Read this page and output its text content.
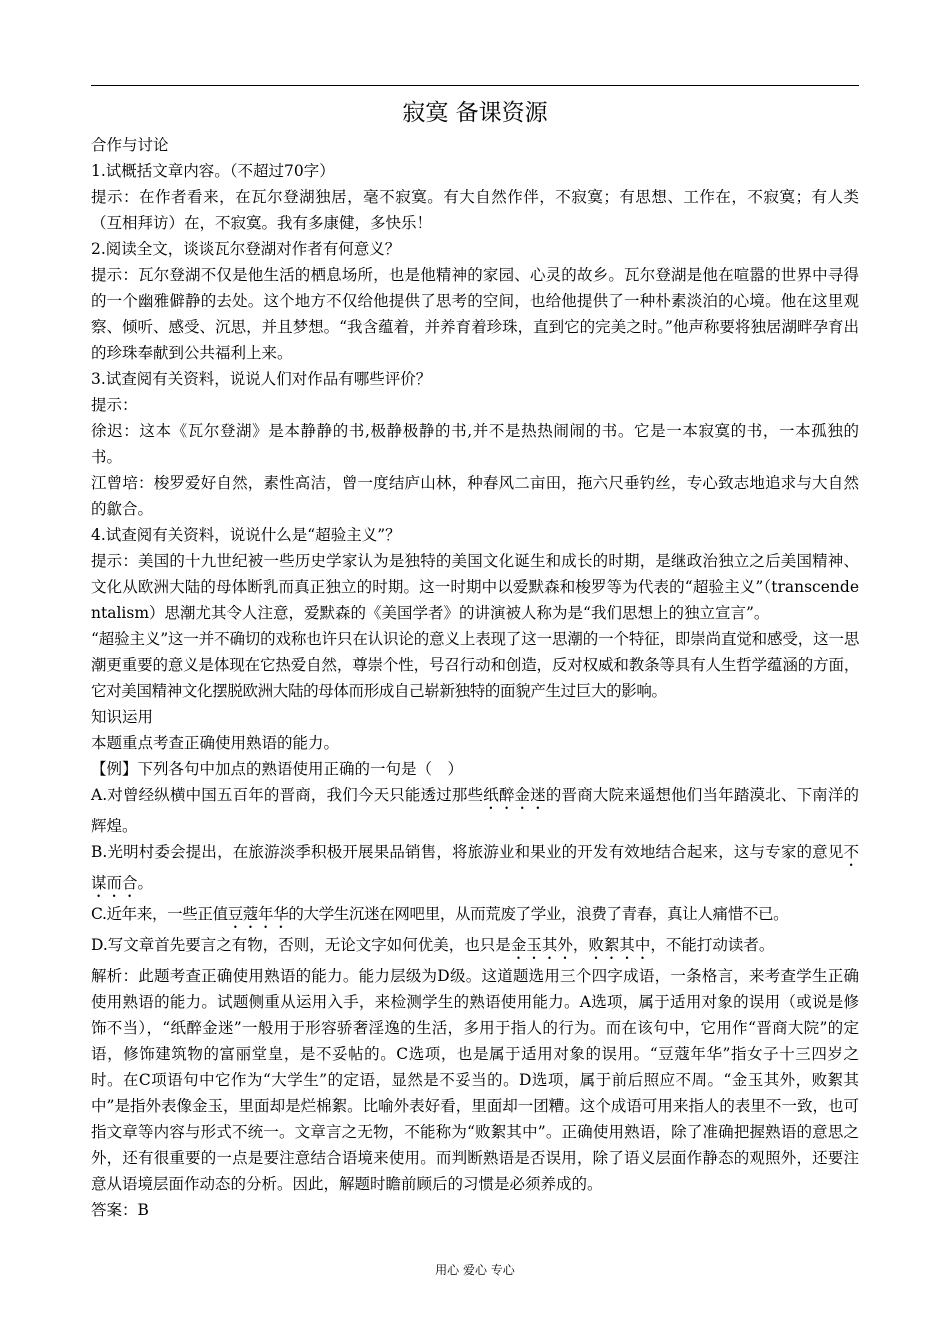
寂寞 备课资源

合作与讨论

1.试概括文章内容。（不超过70字）

提示：在作者看来，在瓦尔登湖独居，毫不寂寞。有大自然作伴，不寂寞；有思想、工作在，不寂寞；有人类（互相拜访）在，不寂寞。我有多康健，多快乐！

2.阅读全文，谈谈瓦尔登湖对作者有何意义？

提示：瓦尔登湖不仅是他生活的栖息场所，也是他精神的家园、心灵的故乡。瓦尔登湖是他在喧嚣的世界中寻得的一个幽雅僻静的去处。这个地方不仅给他提供了思考的空间，也给他提供了一种朴素淡泊的心境。他在这里观察、倾听、感受、沉思，并且梦想。“我含蕴着，并养育着珍珠，直到它的完美之时。”他声称要将独居湖畔孕育出的珍珠奉献到公共福利上来。

3.试查阅有关资料，说说人们对作品有哪些评价？

提示：

徐迟：这本《瓦尔登湖》是本静静的书,极静极静的书,并不是热热闹闹的书。它是一本寂寞的书，一本孤独的书。

江曾培：梭罗爱好自然，素性高洁，曾一度结庐山林，种春风二亩田，拖六尺垂钓丝，专心致志地追求与大自然的歙合。

4.试查阅有关资料，说说什么是“超验主义”？

提示：美国的十九世纪被一些历史学家认为是独特的美国文化诞生和成长的时期，是继政治独立之后美国精神、文化从欧洲大陆的母体断乳而真正独立的时期。这一时期中以爱默森和梭罗等为代表的“超验主义”（transcendentalism）思潮尤其令人注意，爱默森的《美国学者》的讲演被人称为是“我们思想上的独立宣言”。

“超验主义”这一并不确切的戏称也许只在认识论的意义上表现了这一思潮的一个特征，即崇尚直觉和感受，这一思潮更重要的意义是体现在它热爱自然，尊崇个性，号召行动和创造，反对权威和教条等具有人生哲学蕴涵的方面，它对美国精神文化摆脱欧洲大陆的母体而形成自己崭新独特的面貌产生过巨大的影响。

知识运用

本题重点考查正确使用熟语的能力。

【例】下列各句中加点的熟语使用正确的一句是（　）

A.对曾经纵横中国五百年的晋商，我们今天只能透过那些纸醉金迷的晋商大院来遥想他们当年踏漠北、下南洋的辉煌。

B.光明村委会提出，在旅游淡季积极开展果品销售，将旅游业和果业的开发有效地结合起来，这与专家的意见不谋而合。

C.近年来，一些正值豆蔻年华的大学生沉迷在网吧里，从而荒废了学业，浪费了青春，真让人痛惜不已。

D.写文章首先要言之有物，否则，无论文字如何优美，也只是金玉其外，败絮其中，不能打动读者。

解析：此题考查正确使用熟语的能力。能力层级为D级。这道题选用三个四字成语，一条格言，来考查学生正确使用熟语的能力。试题侧重从运用入手，来检测学生的熟语使用能力。A选项，属于适用对象的误用（或说是修饰不当），“纸醉金迷”一般用于形容骄奢淫逸的生活，多用于指人的行为。而在该句中，它用作“晋商大院”的定语，修饰建筑物的富丽堂皇，是不妥帖的。C选项，也是属于适用对象的误用。“豆蔻年华”指女子十三四岁之时。在C项语句中它作为“大学生”的定语，显然是不妥当的。D选项，属于前后照应不周。“金玉其外，败絮其中”是指外表像金玉，里面却是烂棉絮。比喻外表好看，里面却一团糟。这个成语可用来指人的表里不一致，也可指文章等内容与形式不统一。文章言之无物，不能称为“败絮其中”。正确使用熟语，除了准确把握熟语的意思之外，还有很重要的一点是要注意结合语境来使用。而判断熟语是否误用，除了语义层面作静态的观照外，还要注意从语境层面作动态的分析。因此，解题时瞻前顾后的习惯是必须养成的。

答案：B

用心 爱心 专心
